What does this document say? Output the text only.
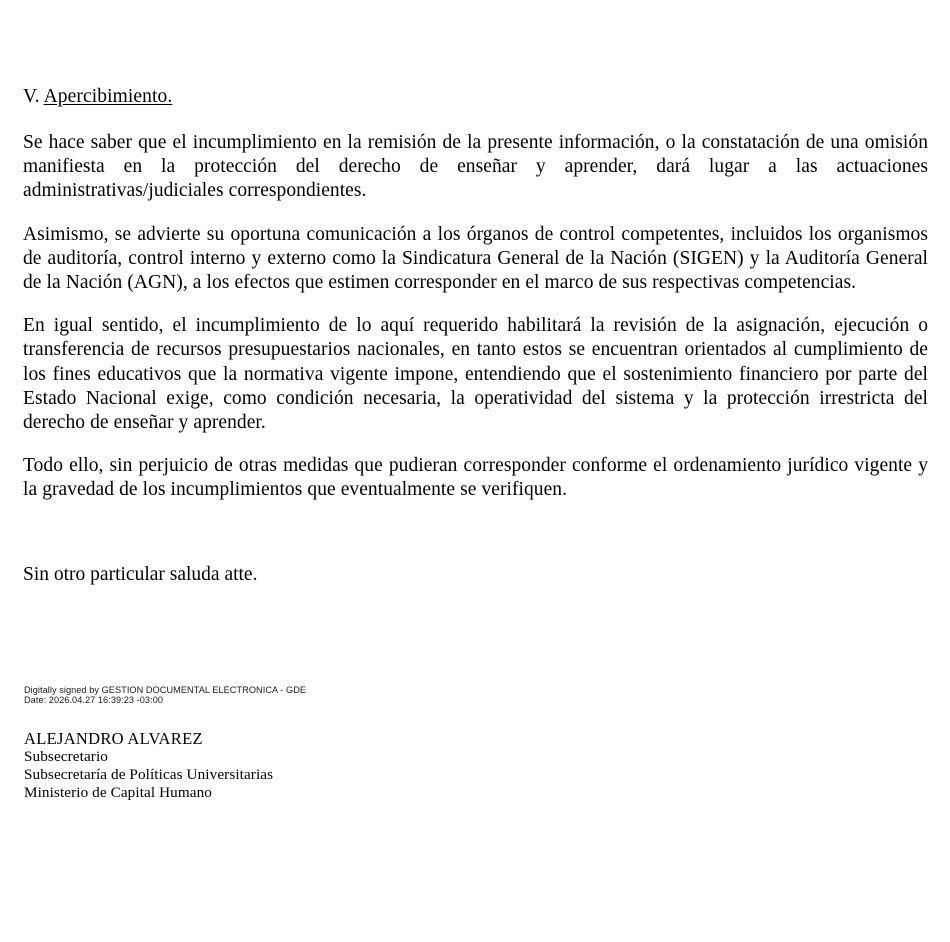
V. Apercibimiento.

Se hace saber que el incumplimiento en la remisión de la presente información, o la constatación de una omisión manifiesta en la protección del derecho de enseñar y aprender, dará lugar a las actuaciones administrativas/judiciales correspondientes.

Asimismo, se advierte su oportuna comunicación a los órganos de control competentes, incluidos los organismos de auditoría, control interno y externo como la Sindicatura General de la Nación (SIGEN) y la Auditoría General de la Nación (AGN), a los efectos que estimen corresponder en el marco de sus respectivas competencias.

En igual sentido, el incumplimiento de lo aquí requerido habilitará la revisión de la asignación, ejecución o transferencia de recursos presupuestarios nacionales, en tanto estos se encuentran orientados al cumplimiento de los fines educativos que la normativa vigente impone, entendiendo que el sostenimiento financiero por parte del Estado Nacional exige, como condición necesaria, la operatividad del sistema y la protección irrestricta del derecho de enseñar y aprender.

Todo ello, sin perjuicio de otras medidas que pudieran corresponder conforme el ordenamiento jurídico vigente y la gravedad de los incumplimientos que eventualmente se verifiquen.

Sin otro particular saluda atte.

Digitally signed by GESTION DOCUMENTAL ELECTRONICA - GDE
Date: 2026.04.27 16:39:23 -03:00
ALEJANDRO ALVAREZ
Subsecretario
Subsecretaría de Políticas Universitarias
Ministerio de Capital Humano
